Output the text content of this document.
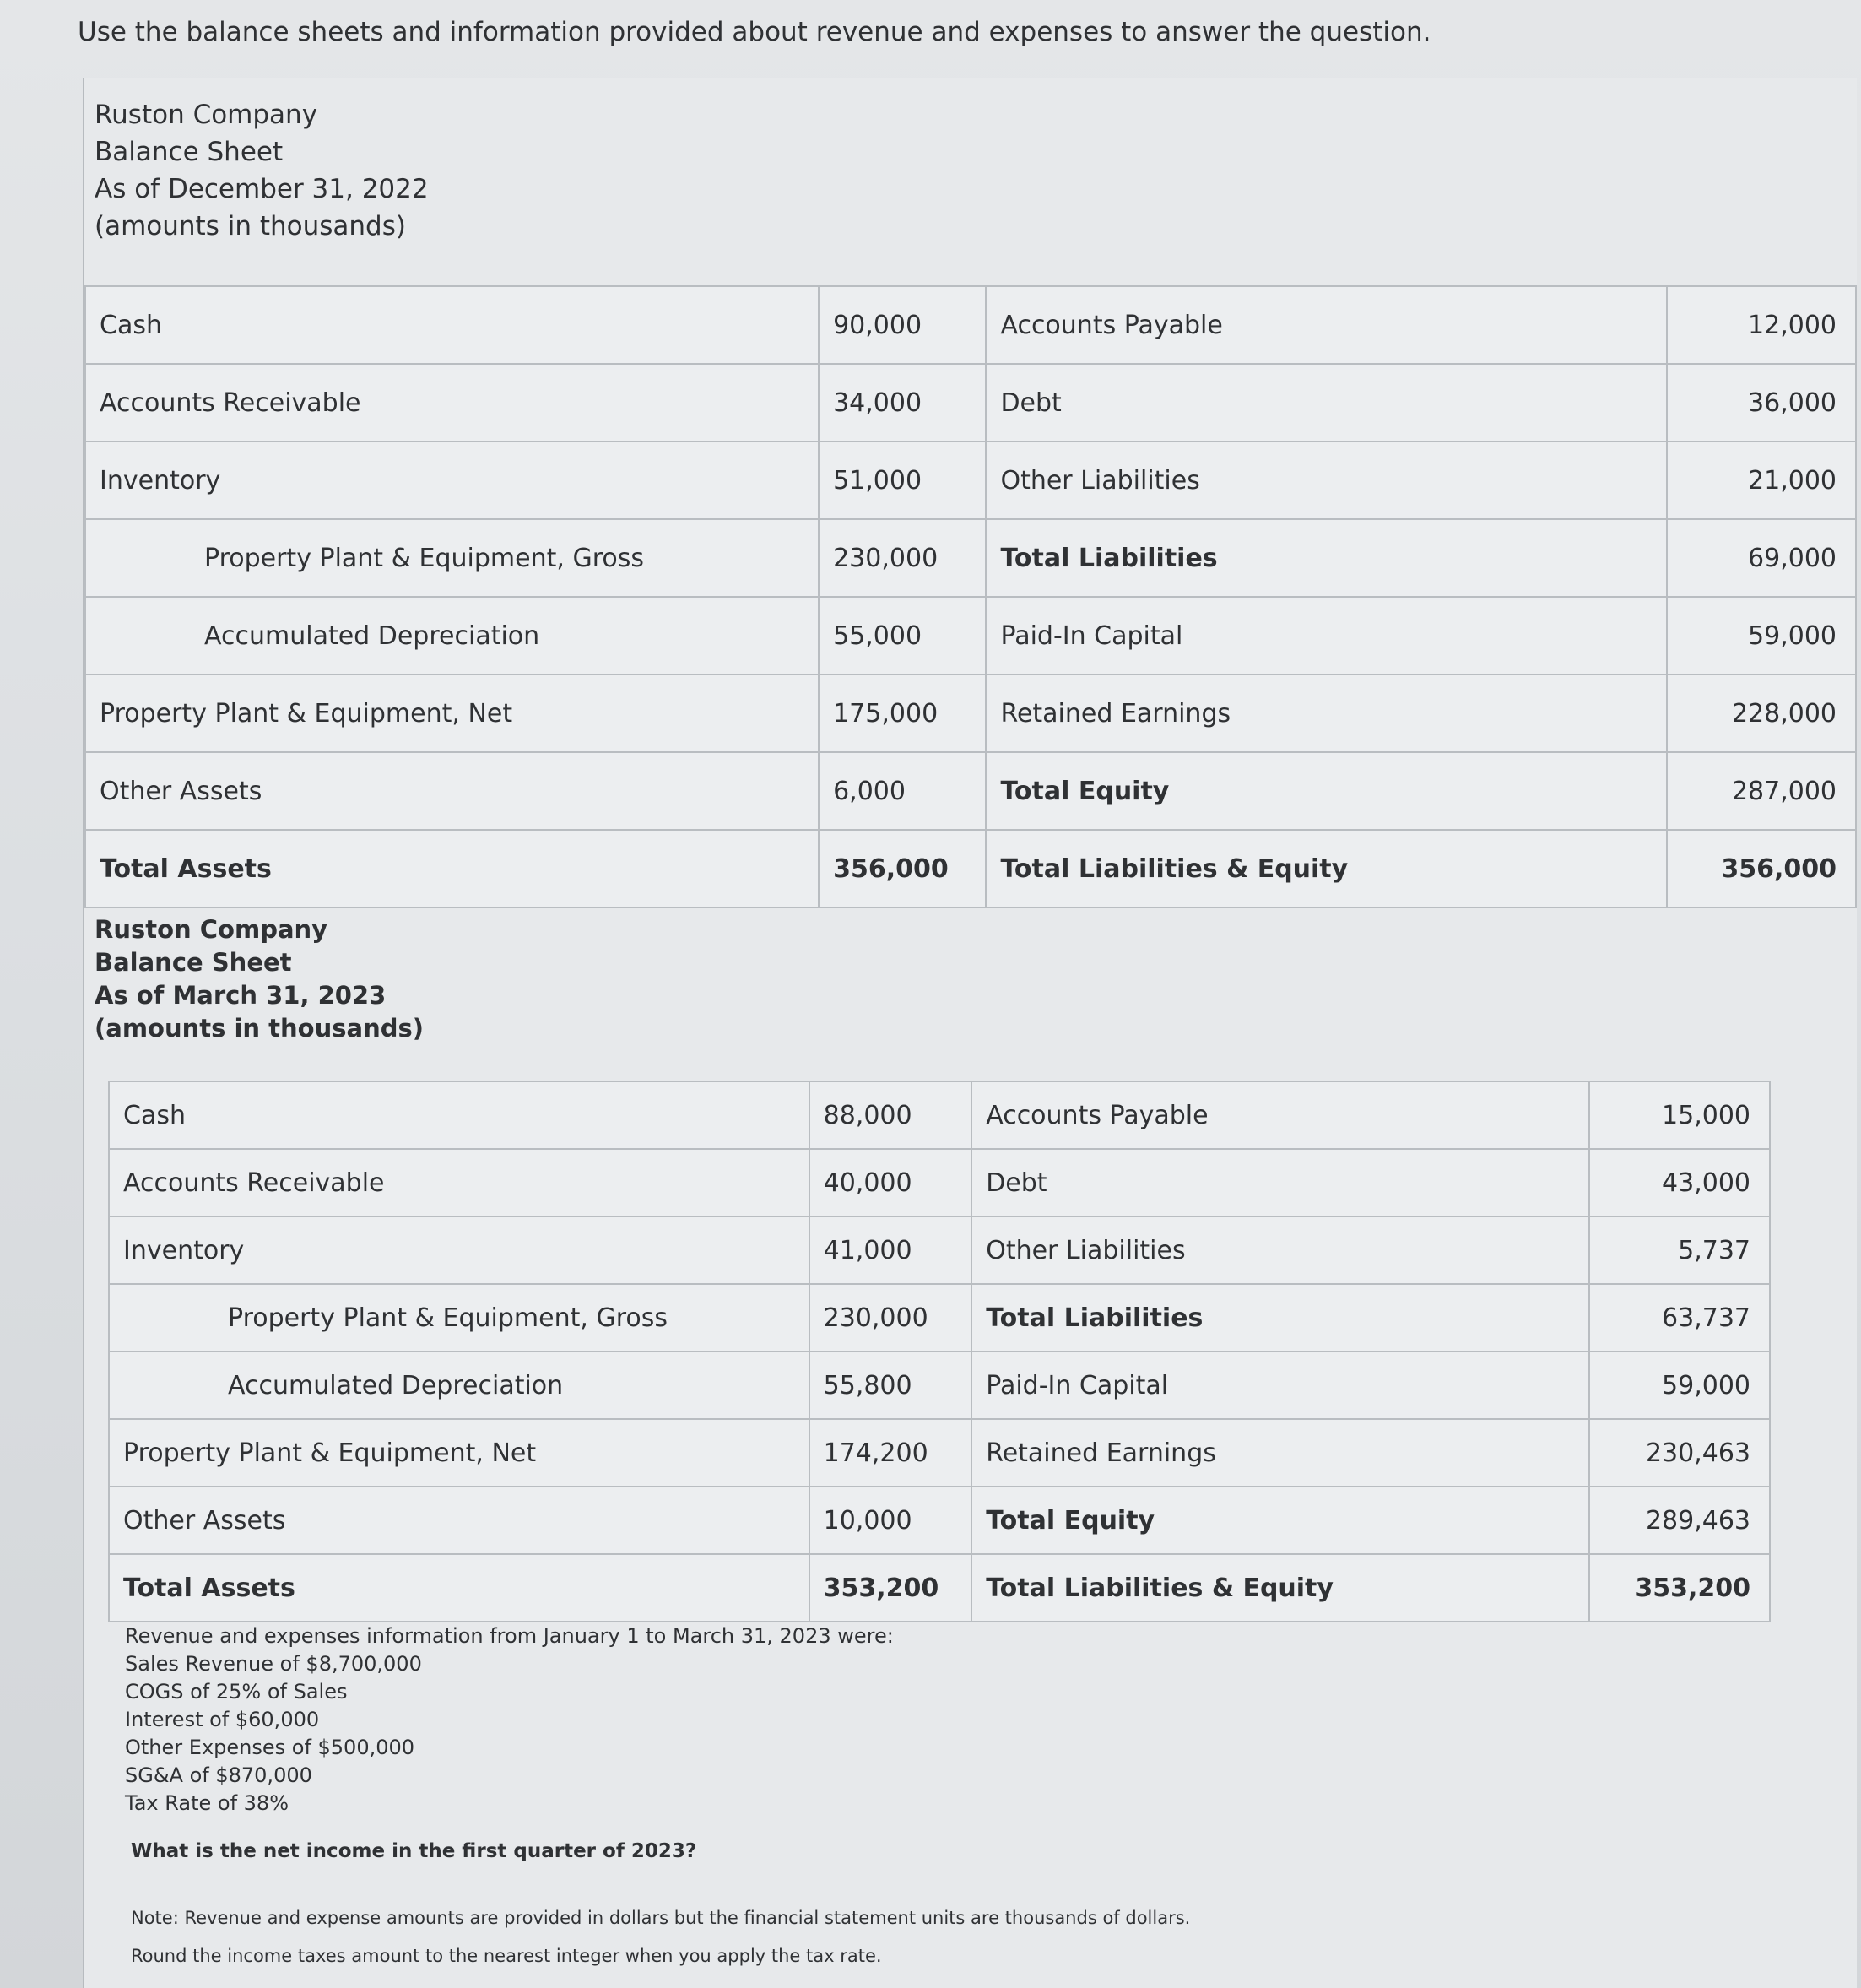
Use the balance sheets and information provided about revenue and expenses to answer the question.
Ruston Company
Balance Sheet
As of December 31, 2022
(amounts in thousands)
Cash	90,000	Accounts Payable	12,000
Accounts Receivable	34,000	Debt	36,000
Inventory	51,000	Other Liabilities	21,000
Property Plant & Equipment, Gross	230,000	Total Liabilities	69,000
Accumulated Depreciation	55,000	Paid-In Capital	59,000
Property Plant & Equipment, Net	175,000	Retained Earnings	228,000
Other Assets	6,000	Total Equity	287,000
Total Assets	356,000	Total Liabilities & Equity	356,000
Ruston Company
Balance Sheet
As of March 31, 2023
(amounts in thousands)
Cash	88,000	Accounts Payable	15,000
Accounts Receivable	40,000	Debt	43,000
Inventory	41,000	Other Liabilities	5,737
Property Plant & Equipment, Gross	230,000	Total Liabilities	63,737
Accumulated Depreciation	55,800	Paid-In Capital	59,000
Property Plant & Equipment, Net	174,200	Retained Earnings	230,463
Other Assets	10,000	Total Equity	289,463
Total Assets	353,200	Total Liabilities & Equity	353,200
Revenue and expenses information from January 1 to March 31, 2023 were:
Sales Revenue of $8,700,000
COGS of 25% of Sales
Interest of $60,000
Other Expenses of $500,000
SG&A of $870,000
Tax Rate of 38%
What is the net income in the first quarter of 2023?
Note: Revenue and expense amounts are provided in dollars but the financial statement units are thousands of dollars.
Round the income taxes amount to the nearest integer when you apply the tax rate.
